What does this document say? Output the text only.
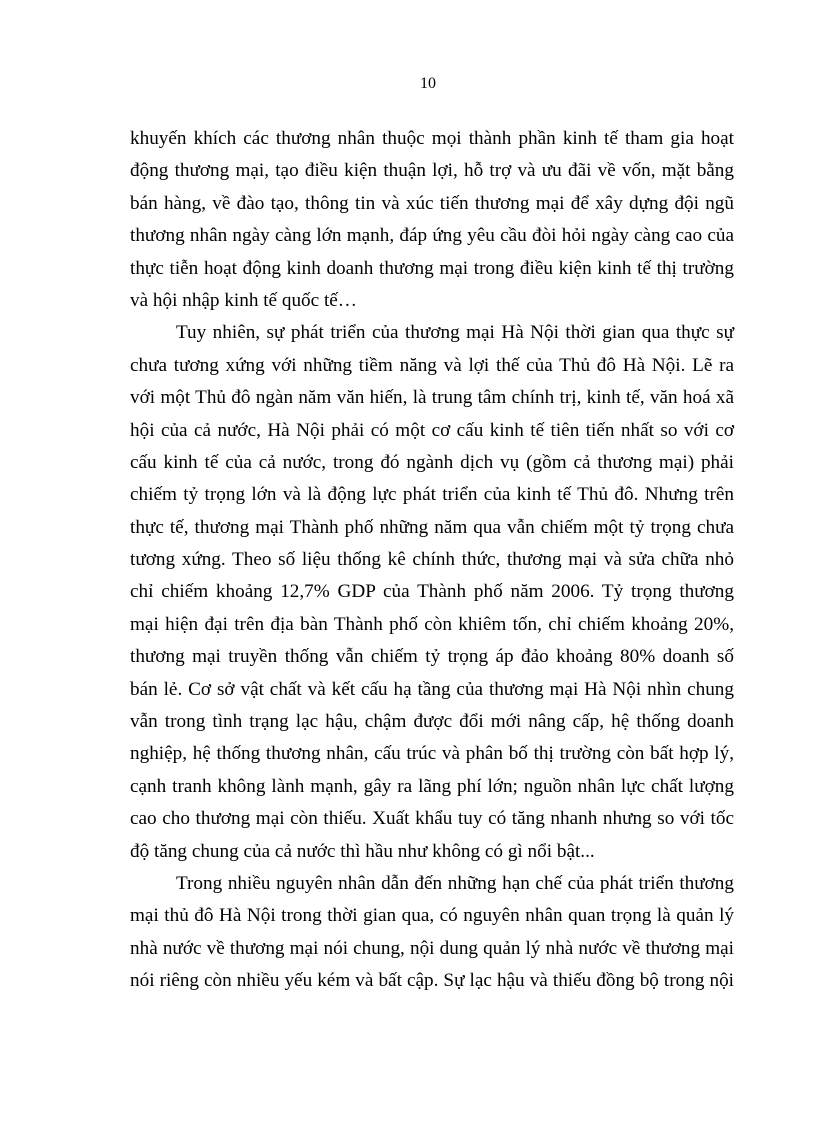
10
khuyến khích các thương nhân thuộc mọi thành phần kinh tế tham gia hoạt
động thương mại, tạo điều kiện thuận lợi, hỗ trợ và ưu đãi về vốn, mặt bằng
bán hàng, về đào tạo, thông tin và xúc tiến thương mại để xây dựng đội ngũ
thương nhân ngày càng lớn mạnh, đáp ứng yêu cầu đòi hỏi ngày càng cao của
thực tiễn hoạt động kinh doanh thương mại trong điều kiện kinh tế thị trường
và hội nhập kinh tế quốc tế…
Tuy nhiên, sự phát triển của thương mại Hà Nội thời gian qua thực sự
chưa tương xứng với những tiềm năng và lợi thế của Thủ đô Hà Nội. Lẽ ra
với một Thủ đô ngàn năm văn hiến, là trung tâm chính trị, kinh tế, văn hoá xã
hội của cả nước, Hà Nội phải có một cơ cấu kinh tế tiên tiến nhất so với cơ
cấu kinh tế của cả nước, trong đó ngành dịch vụ (gồm cả thương mại) phải
chiếm tỷ trọng lớn và là động lực phát triển của kinh tế Thủ đô. Nhưng trên
thực tế, thương mại Thành phố những năm qua vẫn chiếm một tỷ trọng chưa
tương xứng. Theo số liệu thống kê chính thức, thương mại và sửa chữa nhỏ
chỉ chiếm khoảng 12,7% GDP của Thành phố năm 2006. Tỷ trọng thương
mại hiện đại trên địa bàn Thành phố còn khiêm tốn, chỉ chiếm khoảng 20%,
thương mại truyền thống vẫn chiếm tỷ trọng áp đảo khoảng 80% doanh số
bán lẻ. Cơ sở vật chất và kết cấu hạ tầng của thương mại Hà Nội nhìn chung
vẫn trong tình trạng lạc hậu, chậm được đổi mới nâng cấp, hệ thống doanh
nghiệp, hệ thống thương nhân, cấu trúc và phân bố thị trường còn bất hợp lý,
cạnh tranh không lành mạnh, gây ra lãng phí lớn; nguồn nhân lực chất lượng
cao cho thương mại còn thiếu. Xuất khẩu tuy có tăng nhanh nhưng so với tốc
độ tăng chung của cả nước thì hầu như không có gì nổi bật...
Trong nhiều nguyên nhân dẫn đến những hạn chế của phát triển thương
mại thủ đô Hà Nội trong thời gian qua, có nguyên nhân quan trọng là quản lý
nhà nước về thương mại nói chung, nội dung quản lý nhà nước về thương mại
nói riêng còn nhiều yếu kém và bất cập. Sự lạc hậu và thiếu đồng bộ trong nội
